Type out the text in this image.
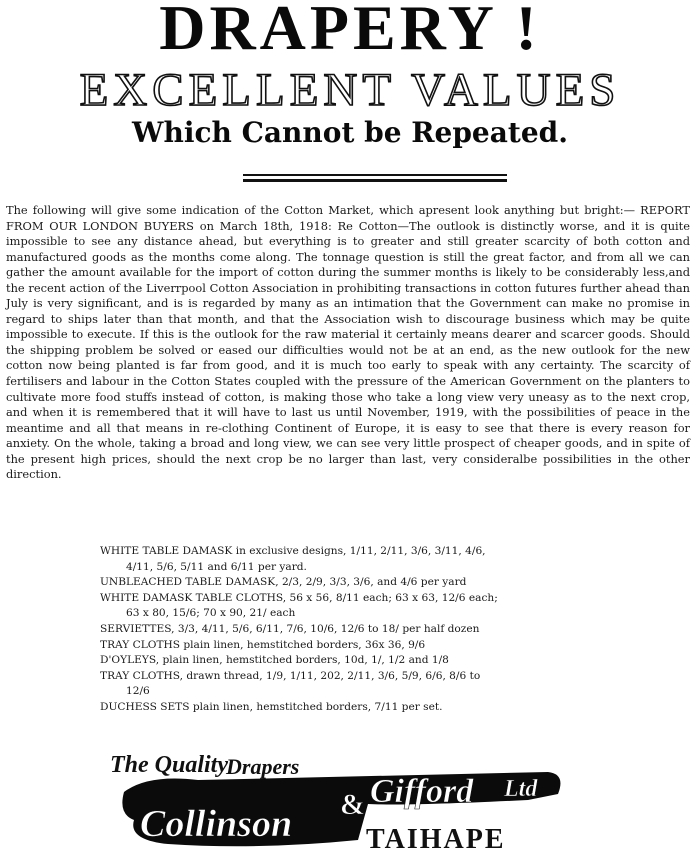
DRAPERY !
EXCELLENT VALUES
Which Cannot be Repeated.

The following will give some indication of the Cotton Market, which apresent look anything but bright:— REPORT FROM OUR LONDON BUYERS on March 18th, 1918: Re Cotton—The outlook is distinctly worse, and it is quite impossible to see any distance ahead, but everything is to greater and still greater scarcity of both cotton and manufactured goods as the months come along. The tonnage question is still the great factor, and from all we can gather the amount available for the import of cotton during the summer months is likely to be considerably less,and the recent action of the Liverrpool Cotton Association in prohibiting transactions in cotton futures further ahead than July is very significant, and is is regarded by many as an intimation that the Government can make no promise in regard to ships later than that month, and that the Association wish to discourage business which may be quite impossible to execute. If this is the outlook for the raw material it certainly means dearer and scarcer goods. Should the shipping problem be solved or eased our difficulties would not be at an end, as the new outlook for the new cotton now being planted is far from good, and it is much too early to speak with any certainty. The scarcity of fertilisers and labour in the Cotton States coupled with the pressure of the American Government on the planters to cultivate more food stuffs instead of cotton, is making those who take a long view very uneasy as to the next crop, and when it is remembered that it will have to last us until November, 1919, with the possibilities of peace in the meantime and all that means in re-clothing Continent of Europe, it is easy to see that there is every reason for anxiety. On the whole, taking a broad and long view, we can see very little prospect of cheaper goods, and in spite of the present high prices, should the next crop be no larger than last, very consideralbe possibilities in the other direction.

WHITE TABLE DAMASK in exclusive designs, 1/11, 2/11, 3/6, 3/11, 4/6,
4/11, 5/6, 5/11 and 6/11 per yard.
UNBLEACHED TABLE DAMASK, 2/3, 2/9, 3/3, 3/6, and 4/6 per yard
WHITE DAMASK TABLE CLOTHS, 56 x 56, 8/11 each; 63 x 63, 12/6 each;
63 x 80, 15/6; 70 x 90, 21/ each
SERVIETTES, 3/3, 4/11, 5/6, 6/11, 7/6, 10/6, 12/6 to 18/ per half dozen
TRAY CLOTHS plain linen, hemstitched borders, 36x 36, 9/6
D'OYLEYS, plain linen, hemstitched borders, 10d, 1/, 1/2 and 1/8
TRAY CLOTHS, drawn thread, 1/9, 1/11, 202, 2/11, 3/6, 5/9, 6/6, 8/6 to
12/6
DUCHESS SETS plain linen, hemstitched borders, 7/11 per set.
The Quality
Drapers
Collinson & Gifford Ltd
TAIHAPE
